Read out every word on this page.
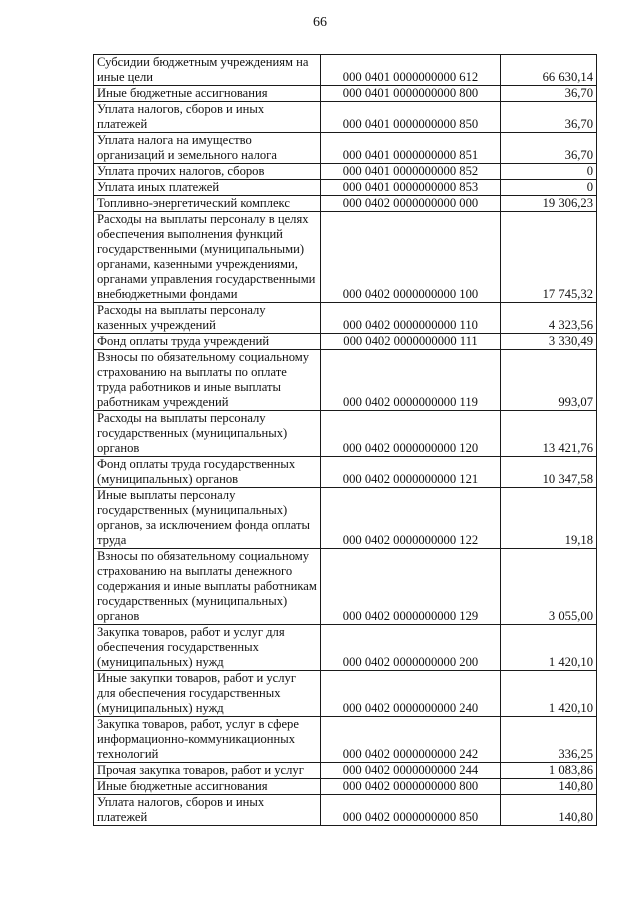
66
Субсидии бюджетным учреждениям на иные цели	000 0401 0000000000 612	66 630,14
Иные бюджетные ассигнования	000 0401 0000000000 800	36,70
Уплата налогов, сборов и иных платежей	000 0401 0000000000 850	36,70
Уплата налога на имущество организаций и земельного налога	000 0401 0000000000 851	36,70
Уплата прочих налогов, сборов	000 0401 0000000000 852	0
Уплата иных платежей	000 0401 0000000000 853	0
Топливно-энергетический комплекс	000 0402 0000000000 000	19 306,23
Расходы на выплаты персоналу в целях обеспечения выполнения функций государственными (муниципальными) органами, казенными учреждениями, органами управления государственными внебюджетными фондами	000 0402 0000000000 100	17 745,32
Расходы на выплаты персоналу казенных учреждений	000 0402 0000000000 110	4 323,56
Фонд оплаты труда учреждений	000 0402 0000000000 111	3 330,49
Взносы по обязательному социальному страхованию на выплаты по оплате труда работников и иные выплаты работникам учреждений	000 0402 0000000000 119	993,07
Расходы на выплаты персоналу государственных (муниципальных) органов	000 0402 0000000000 120	13 421,76
Фонд оплаты труда государственных (муниципальных) органов	000 0402 0000000000 121	10 347,58
Иные выплаты персоналу государственных (муниципальных) органов, за исключением фонда оплаты труда	000 0402 0000000000 122	19,18
Взносы по обязательному социальному страхованию на выплаты денежного содержания и иные выплаты работникам государственных (муниципальных) органов	000 0402 0000000000 129	3 055,00
Закупка товаров, работ и услуг для обеспечения государственных (муниципальных) нужд	000 0402 0000000000 200	1 420,10
Иные закупки товаров, работ и услуг для обеспечения государственных (муниципальных) нужд	000 0402 0000000000 240	1 420,10
Закупка товаров, работ, услуг в сфере информационно-коммуникационных технологий	000 0402 0000000000 242	336,25
Прочая закупка товаров, работ и услуг	000 0402 0000000000 244	1 083,86
Иные бюджетные ассигнования	000 0402 0000000000 800	140,80
Уплата налогов, сборов и иных платежей	000 0402 0000000000 850	140,80
